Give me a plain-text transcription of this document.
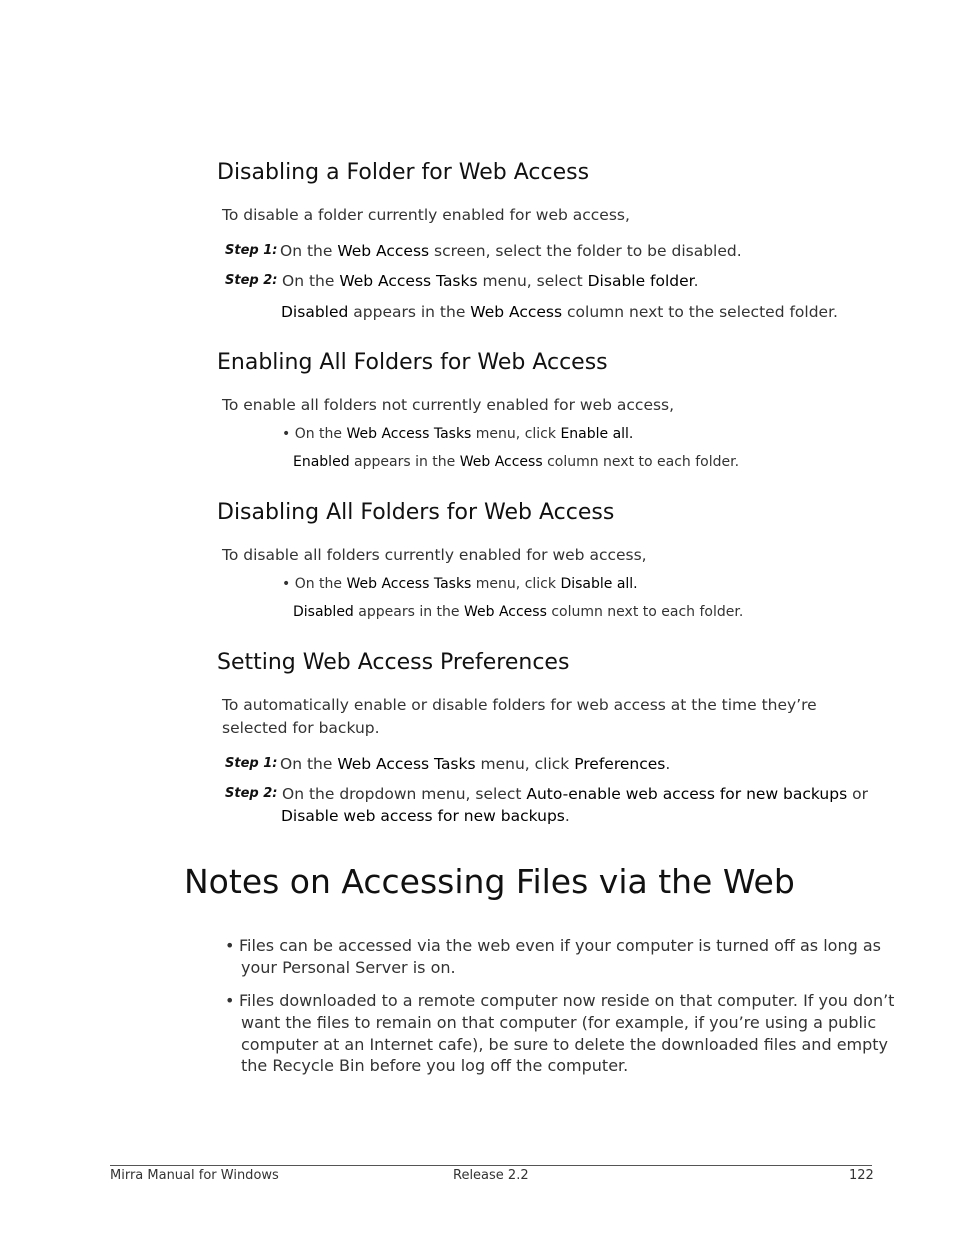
Disabling a Folder for Web Access
To disable a folder currently enabled for web access,
Step 1: On the Web Access screen, select the folder to be disabled.
Step 2: On the Web Access Tasks menu, select Disable folder.
Disabled appears in the Web Access column next to the selected folder.
Enabling All Folders for Web Access
To enable all folders not currently enabled for web access,
• On the Web Access Tasks menu, click Enable all.
Enabled appears in the Web Access column next to each folder.
Disabling All Folders for Web Access
To disable all folders currently enabled for web access,
• On the Web Access Tasks menu, click Disable all.
Disabled appears in the Web Access column next to each folder.
Setting Web Access Preferences
To automatically enable or disable folders for web access at the time they’re
selected for backup.
Step 1: On the Web Access Tasks menu, click Preferences.
Step 2: On the dropdown menu, select Auto-enable web access for new backups or
Disable web access for new backups.
Notes on Accessing Files via the Web
• Files can be accessed via the web even if your computer is turned off as long as
your Personal Server is on.
• Files downloaded to a remote computer now reside on that computer. If you don’t
want the files to remain on that computer (for example, if you’re using a public
computer at an Internet cafe), be sure to delete the downloaded files and empty
the Recycle Bin before you log off the computer.
Mirra Manual for Windows	Release 2.2	122
